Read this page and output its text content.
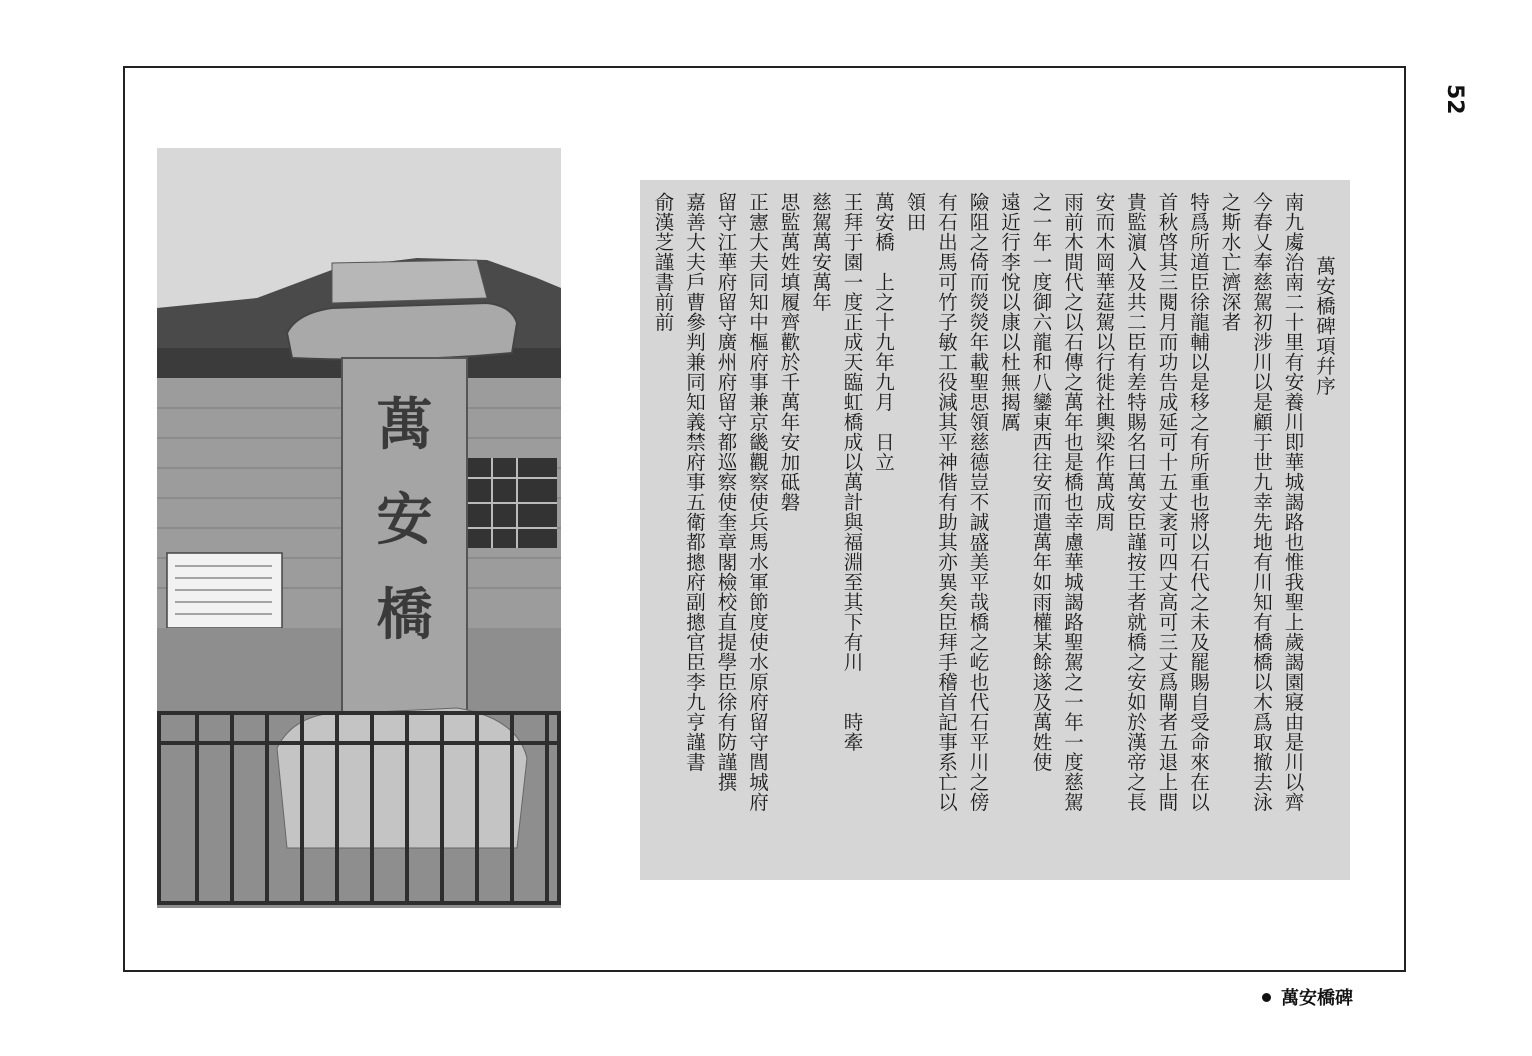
52
萬
安
橋
萬安橋碑項幷序
南九䖏治南二十里有安養川即華城謁路也惟我聖上歲謁園寢由是川以齊
今春乂奉慈駕初涉川以是顧于世九幸先地有川知有橋橋以木爲取撤去泳
之斯水亡濟深者
特爲所道臣徐龍輔以是移之有所重也將以石代之未及罷賜自受命來在以
首秋啓其三閱月而功告成延可十五丈袤可四丈高可三丈爲閘者五退上間
貴監濵入及共二臣有差特賜名曰萬安臣謹按王者就橋之安如於漢帝之長
安而木岡華莚駕以行徙社輿梁作萬成周
雨前木間代之以石傳之萬年也是橋也幸慮華城謁路聖駕之一年一度慈駕
之一年一度御六龍和八鑾東西往安而遣萬年如雨權某餘遂及萬姓使
遠近行李悅以康以杜無揭厲
險阻之倚而熒熒年載聖思領慈德豈不誠盛美平哉橋之屹也代石平川之傍
有石出馬可竹子敏工役減其平神偕有助其亦異矣臣拜手稽首記事系亡以
領田
萬安橋　上之十九年九月　日立
王拜于園一度正成天臨虹橋成以萬計與福淵至其下有川　　時牽
慈駕萬安萬年
思監萬姓填履齊歡於千萬年安加砥磐
正憲大夫同知中樞府事兼京畿觀察使兵馬水軍節度使水原府留守閭城府
留守江華府留守廣州府留守都巡察使奎章閣檢校直提學臣徐有防謹撰
嘉善大夫戶曹參判兼同知義禁府事五衛都摠府副摠官臣李九亨謹書
俞漢芝謹書前前
萬安橋碑
